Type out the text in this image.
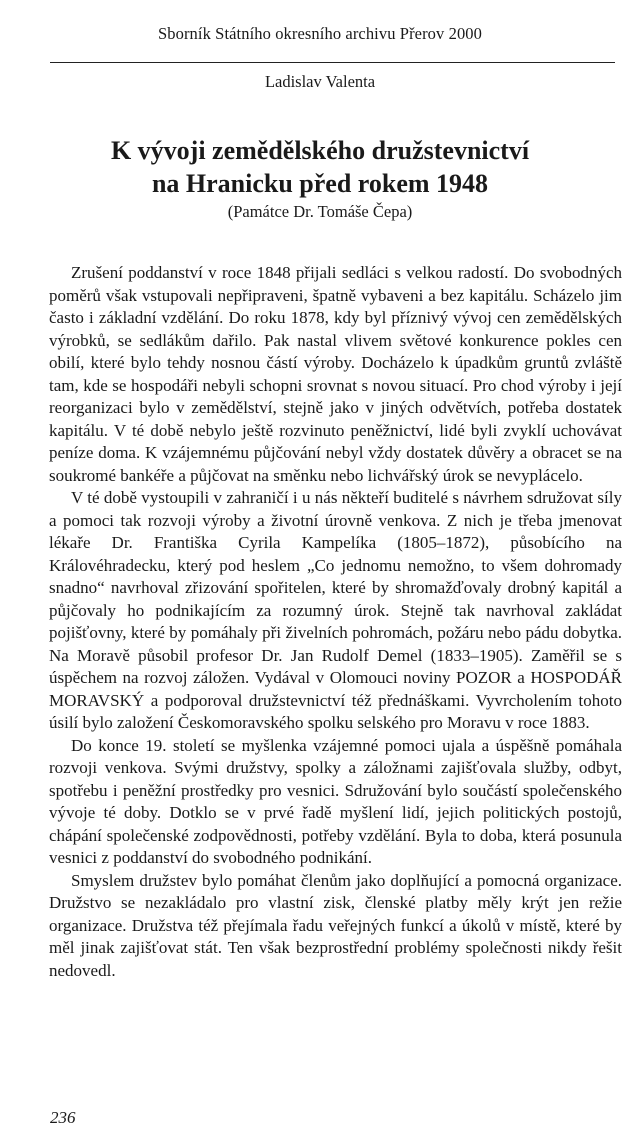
Sborník Státního okresního archivu Přerov 2000
Ladislav Valenta
K vývoji zemědělského družstevnictví
na Hranicku před rokem 1948
(Památce Dr. Tomáše Čepa)

Zrušení poddanství v roce 1848 přijali sedláci s velkou radostí. Do svobodných poměrů však vstupovali nepřipraveni, špatně vybaveni a bez kapitálu. Scházelo jim často i základní vzdělání. Do roku 1878, kdy byl příznivý vývoj cen zemědělských výrobků, se sedlákům dařilo. Pak nastal vlivem světové konkurence pokles cen obilí, které bylo tehdy nosnou částí výroby. Docházelo k úpadkům gruntů zvláště tam, kde se hospodáři nebyli schopni srovnat s novou situací. Pro chod výroby i její reorganizaci bylo v zemědělství, stejně jako v jiných odvětvích, potřeba dostatek kapitálu. V té době nebylo ještě rozvinuto peněžnictví, lidé byli zvyklí uchovávat peníze doma. K vzájemnému půjčování nebyl vždy dostatek důvěry a obracet se na soukromé bankéře a půjčovat na směnku nebo lichvářský úrok se nevyplácelo.

V té době vystoupili v zahraničí i u nás někteří buditelé s návrhem sdružovat síly a pomoci tak rozvoji výroby a životní úrovně venkova. Z nich je třeba jmenovat lékaře Dr. Františka Cyrila Kampelíka (1805–1872), působícího na Královéhradecku, který pod heslem „Co jednomu nemožno, to všem dohromady snadno“ navrhoval zřizování spořitelen, které by shromažďovaly drobný kapitál a půjčovaly ho podnikajícím za rozumný úrok. Stejně tak navrhoval zakládat pojišťovny, které by pomáhaly při živelních pohromách, požáru nebo pádu dobytka. Na Moravě působil profesor Dr. Jan Rudolf Demel (1833–1905). Zaměřil se s úspěchem na rozvoj záložen. Vydával v Olomouci noviny POZOR a HOSPODÁŘ MORAVSKÝ a podporoval družstevnictví též přednáškami. Vyvrcholením tohoto úsilí bylo založení Českomoravského spolku selského pro Moravu v roce 1883.

Do konce 19. století se myšlenka vzájemné pomoci ujala a úspěšně pomáhala rozvoji venkova. Svými družstvy, spolky a záložnami zajišťovala služby, odbyt, spotřebu i peněžní prostředky pro vesnici. Sdružování bylo součástí společenského vývoje té doby. Dotklo se v prvé řadě myšlení lidí, jejich politických postojů, chápání společenské zodpovědnosti, potřeby vzdělání. Byla to doba, která posunula vesnici z poddanství do svobodného podnikání.

Smyslem družstev bylo pomáhat členům jako doplňující a pomocná organizace. Družstvo se nezakládalo pro vlastní zisk, členské platby měly krýt jen režie organizace. Družstva též přejímala řadu veřejných funkcí a úkolů v místě, které by měl jinak zajišťovat stát. Ten však bezprostřední problémy společnosti nikdy řešit nedovedl.

236
